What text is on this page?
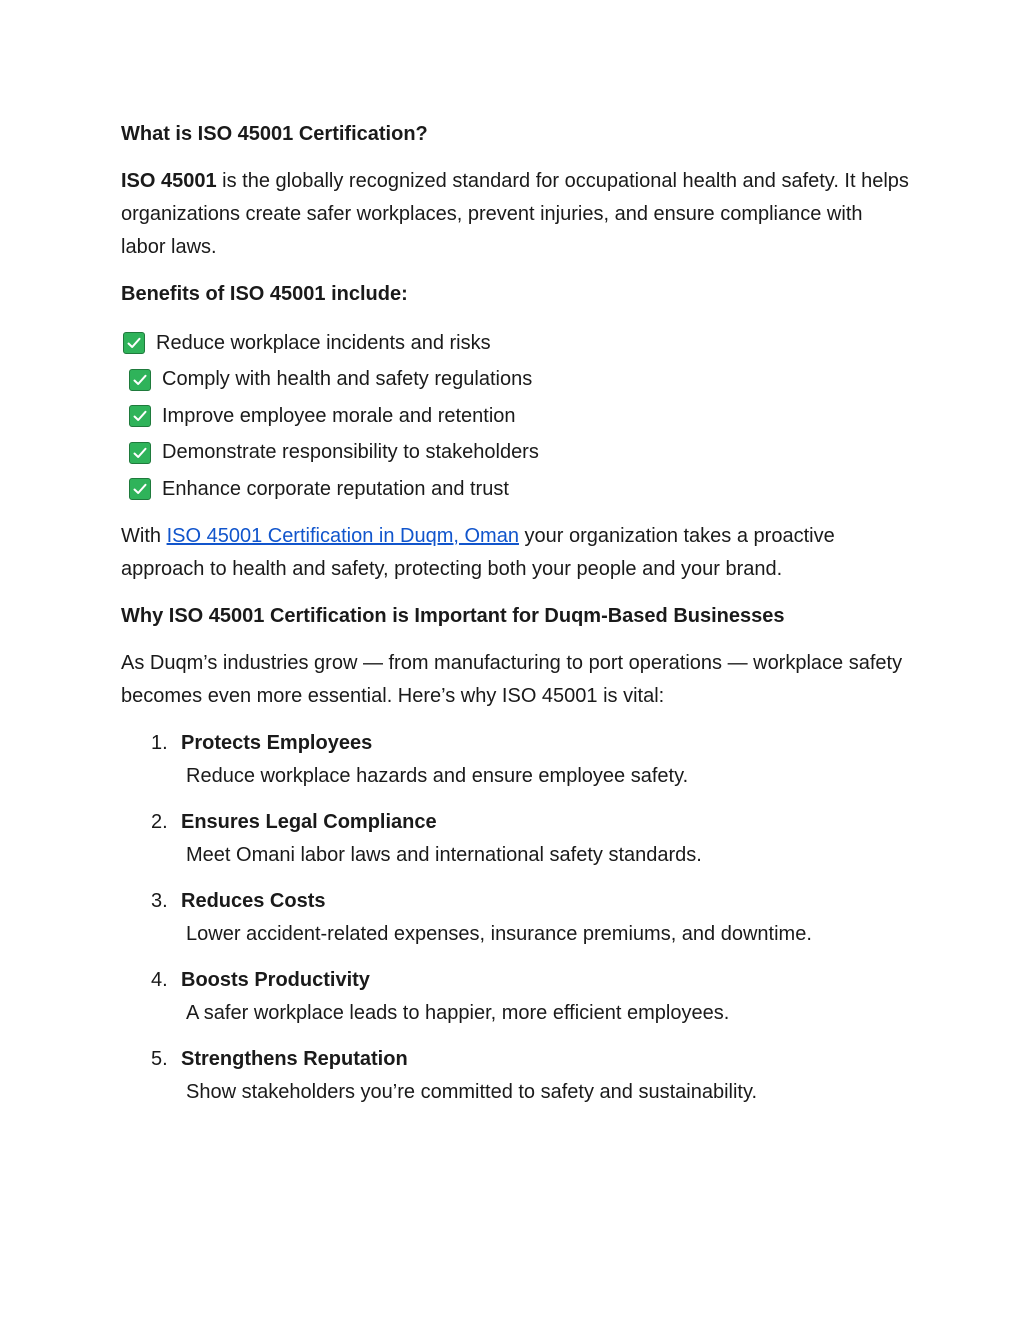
What is ISO 45001 Certification?

ISO 45001 is the globally recognized standard for occupational health and safety. It helps organizations create safer workplaces, prevent injuries, and ensure compliance with labor laws.

Benefits of ISO 45001 include:
Reduce workplace incidents and risks
Comply with health and safety regulations
Improve employee morale and retention
Demonstrate responsibility to stakeholders
Enhance corporate reputation and trust

With ISO 45001 Certification in Duqm, Oman your organization takes a proactive approach to health and safety, protecting both your people and your brand.

Why ISO 45001 Certification is Important for Duqm-Based Businesses

As Duqm’s industries grow — from manufacturing to port operations — workplace safety becomes even more essential. Here’s why ISO 45001 is vital:

1. Protects Employees
Reduce workplace hazards and ensure employee safety.
2. Ensures Legal Compliance
Meet Omani labor laws and international safety standards.
3. Reduces Costs
Lower accident-related expenses, insurance premiums, and downtime.
4. Boosts Productivity
A safer workplace leads to happier, more efficient employees.
5. Strengthens Reputation
Show stakeholders you’re committed to safety and sustainability.
